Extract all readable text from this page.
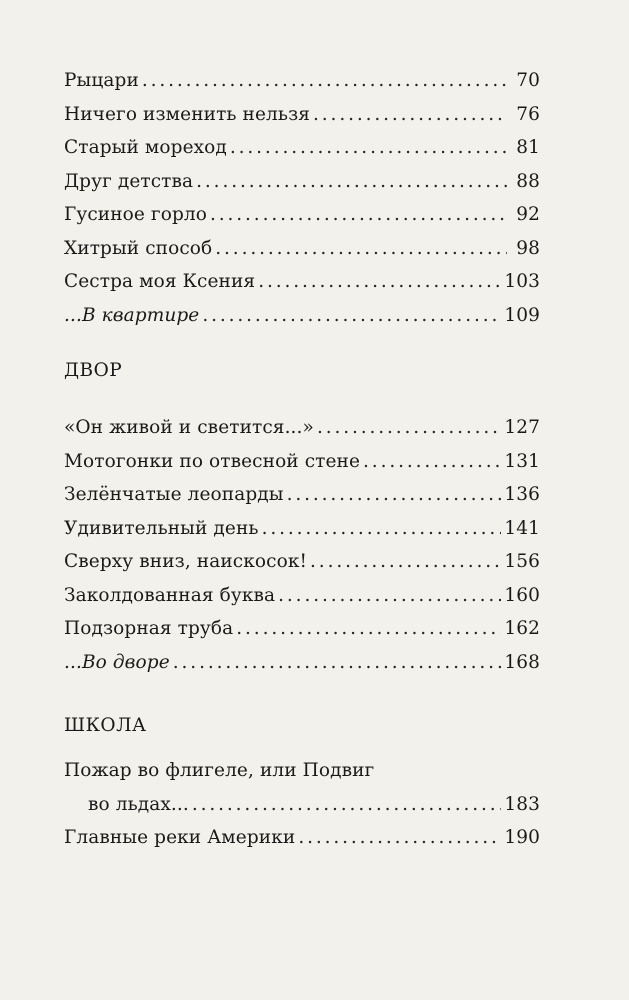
Рыцари . . .	70
Ничего изменить нельзя . . .	76
Старый мореход . . .	81
Друг детства . . .	88
Гусиное горло . . .	92
Хитрый способ . . .	98
Сестра моя Ксения . . .	103
...В квартире . . .	109
ДВОР
«Он живой и светится...» . . .	127
Мотогонки по отвесной стене . . .	131
Зелёнчатые леопарды . . .	136
Удивительный день . . .	141
Сверху вниз, наискосок! . . .	156
Заколдованная буква . . .	160
Подзорная труба . . .	162
...Во дворе . . .	168
ШКОЛА
Пожар во флигеле, или Подвиг
во льдах... . . .	183
Главные реки Америки . . .	190
